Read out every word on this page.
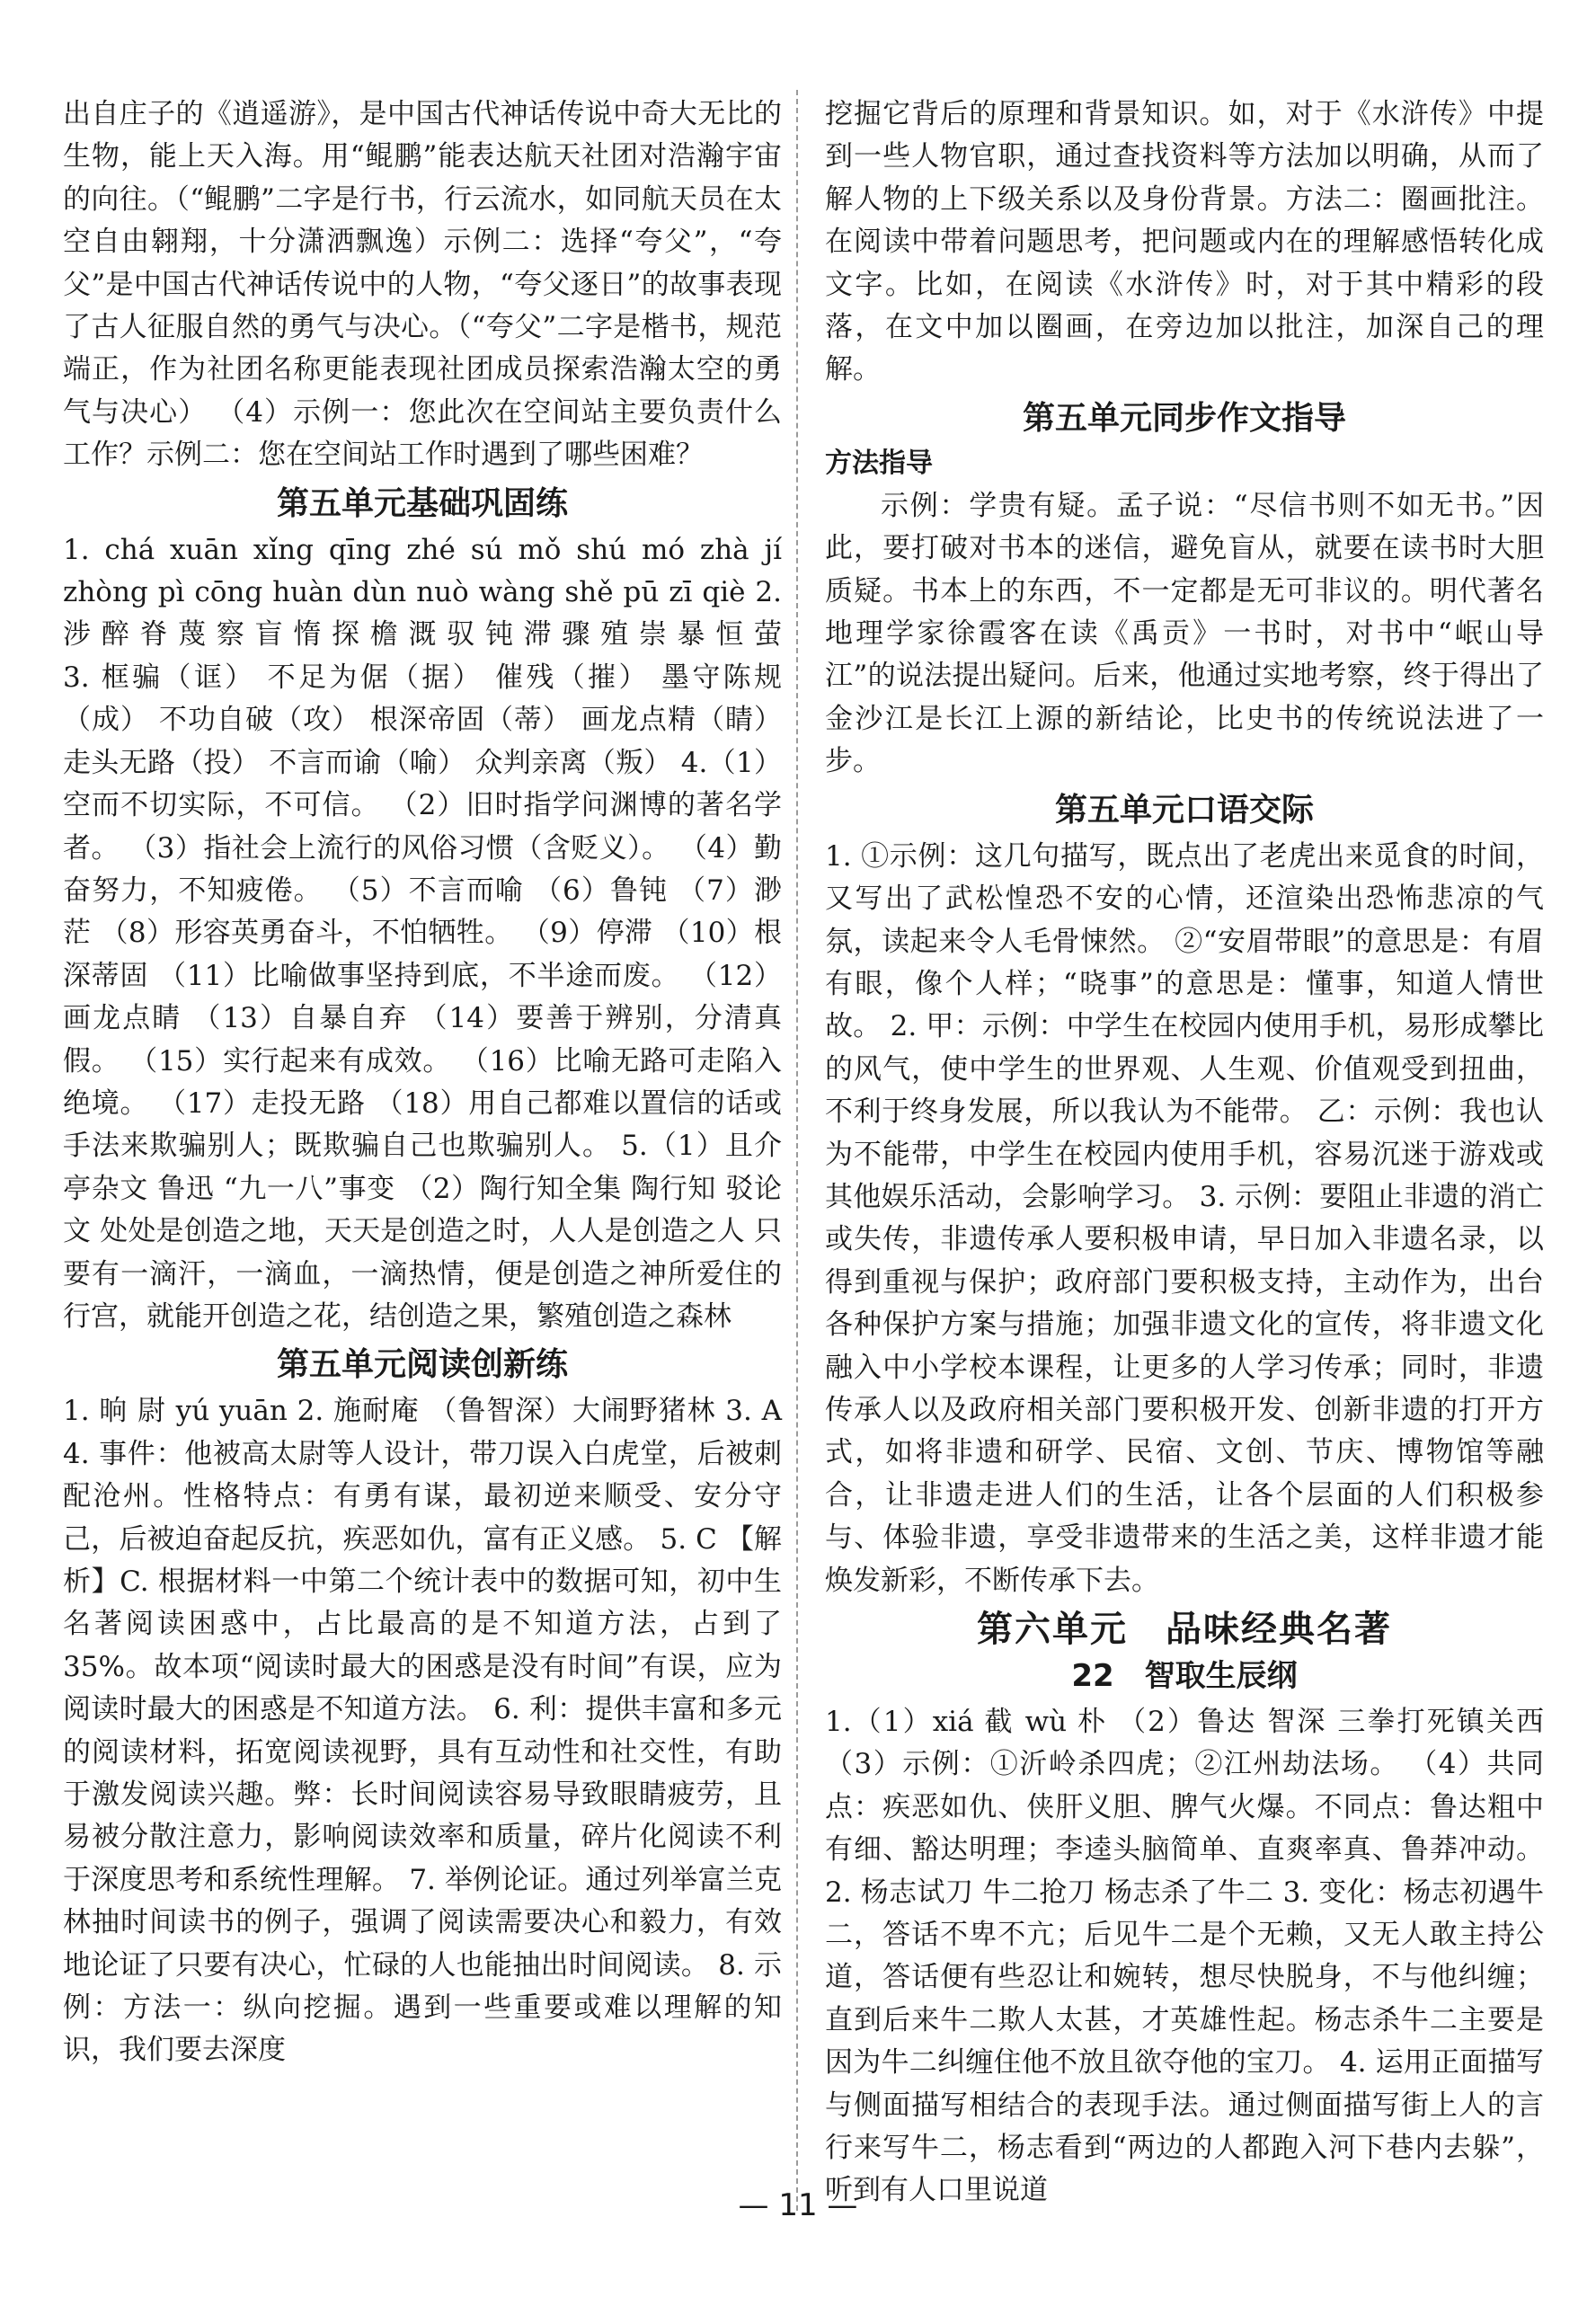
出自庄子的《逍遥游》，是中国古代神话传说中奇大无比的生物，能上天入海。用“鲲鹏”能表达航天社团对浩瀚宇宙的向往。（“鲲鹏”二字是行书，行云流水，如同航天员在太空自由翱翔，十分潇洒飘逸）示例二：选择“夸父”，“夸父”是中国古代神话传说中的人物，“夸父逐日”的故事表现了古人征服自然的勇气与决心。（“夸父”二字是楷书，规范端正，作为社团名称更能表现社团成员探索浩瀚太空的勇气与决心） （4）示例一：您此次在空间站主要负责什么工作？示例二：您在空间站工作时遇到了哪些困难？

第五单元基础巩固练

1. chá xuān xǐng qīng zhé sú mǒ shú mó zhà jí zhòng pì cōng huàn dùn nuò wàng shě pū zī qiè 2. 涉 醉 脊 蔑 察 盲 惰 探 檐 溉 驭 钝 滞 骤 殖 崇 暴 恒 萤 3. 框骗（诓） 不足为倨（据） 催残（摧） 墨守陈规（成） 不功自破（攻） 根深帝固（蒂） 画龙点精（睛） 走头无路（投） 不言而谕（喻） 众判亲离（叛） 4.（1）空而不切实际，不可信。 （2）旧时指学问渊博的著名学者。 （3）指社会上流行的风俗习惯（含贬义）。 （4）勤奋努力，不知疲倦。 （5）不言而喻 （6）鲁钝 （7）渺茫 （8）形容英勇奋斗，不怕牺牲。 （9）停滞 （10）根深蒂固 （11）比喻做事坚持到底，不半途而废。 （12）画龙点睛 （13）自暴自弃 （14）要善于辨别，分清真假。 （15）实行起来有成效。 （16）比喻无路可走陷入绝境。 （17）走投无路 （18）用自己都难以置信的话或手法来欺骗别人；既欺骗自己也欺骗别人。 5.（1）且介亭杂文 鲁迅 “九一八”事变 （2）陶行知全集 陶行知 驳论文 处处是创造之地，天天是创造之时，人人是创造之人 只要有一滴汗，一滴血，一滴热情，便是创造之神所爱住的行宫，就能开创造之花，结创造之果，繁殖创造之森林

第五单元阅读创新练

1. 晌 尉 yú yuān 2. 施耐庵 （鲁智深）大闹野猪林 3. A 4. 事件：他被高太尉等人设计，带刀误入白虎堂，后被刺配沧州。性格特点：有勇有谋，最初逆来顺受、安分守己，后被迫奋起反抗，疾恶如仇，富有正义感。 5. C 【解析】C. 根据材料一中第二个统计表中的数据可知，初中生名著阅读困惑中，占比最高的是不知道方法，占到了35%。故本项“阅读时最大的困惑是没有时间”有误，应为阅读时最大的困惑是不知道方法。 6. 利：提供丰富和多元的阅读材料，拓宽阅读视野，具有互动性和社交性，有助于激发阅读兴趣。弊：长时间阅读容易导致眼睛疲劳，且易被分散注意力，影响阅读效率和质量，碎片化阅读不利于深度思考和系统性理解。 7. 举例论证。通过列举富兰克林抽时间读书的例子，强调了阅读需要决心和毅力，有效地论证了只要有决心，忙碌的人也能抽出时间阅读。 8. 示例：方法一：纵向挖掘。遇到一些重要或难以理解的知识，我们要去深度

挖掘它背后的原理和背景知识。如，对于《水浒传》中提到一些人物官职，通过查找资料等方法加以明确，从而了解人物的上下级关系以及身份背景。方法二：圈画批注。在阅读中带着问题思考，把问题或内在的理解感悟转化成文字。比如，在阅读《水浒传》时，对于其中精彩的段落，在文中加以圈画，在旁边加以批注，加深自己的理解。

第五单元同步作文指导
方法指导

示例：学贵有疑。孟子说：“尽信书则不如无书。”因此，要打破对书本的迷信，避免盲从，就要在读书时大胆质疑。书本上的东西，不一定都是无可非议的。明代著名地理学家徐霞客在读《禹贡》一书时，对书中“岷山导江”的说法提出疑问。后来，他通过实地考察，终于得出了金沙江是长江上源的新结论，比史书的传统说法进了一步。

第五单元口语交际

1. ①示例：这几句描写，既点出了老虎出来觅食的时间，又写出了武松惶恐不安的心情，还渲染出恐怖悲凉的气氛，读起来令人毛骨悚然。 ②“安眉带眼”的意思是：有眉有眼，像个人样；“晓事”的意思是：懂事，知道人情世故。 2. 甲：示例：中学生在校园内使用手机，易形成攀比的风气，使中学生的世界观、人生观、价值观受到扭曲，不利于终身发展，所以我认为不能带。 乙：示例：我也认为不能带，中学生在校园内使用手机，容易沉迷于游戏或其他娱乐活动，会影响学习。 3. 示例：要阻止非遗的消亡或失传，非遗传承人要积极申请，早日加入非遗名录，以得到重视与保护；政府部门要积极支持，主动作为，出台各种保护方案与措施；加强非遗文化的宣传，将非遗文化融入中小学校本课程，让更多的人学习传承；同时，非遗传承人以及政府相关部门要积极开发、创新非遗的打开方式，如将非遗和研学、民宿、文创、节庆、博物馆等融合，让非遗走进人们的生活，让各个层面的人们积极参与、体验非遗，享受非遗带来的生活之美，这样非遗才能焕发新彩，不断传承下去。

第六单元　品味经典名著
22　智取生辰纲

1.（1）xiá 截 wù 朴 （2）鲁达 智深 三拳打死镇关西 （3）示例：①沂岭杀四虎；②江州劫法场。 （4）共同点：疾恶如仇、侠肝义胆、脾气火爆。不同点：鲁达粗中有细、豁达明理；李逵头脑简单、直爽率真、鲁莽冲动。 2. 杨志试刀 牛二抢刀 杨志杀了牛二 3. 变化：杨志初遇牛二，答话不卑不亢；后见牛二是个无赖，又无人敢主持公道，答话便有些忍让和婉转，想尽快脱身，不与他纠缠；直到后来牛二欺人太甚，才英雄性起。杨志杀牛二主要是因为牛二纠缠住他不放且欲夺他的宝刀。 4. 运用正面描写与侧面描写相结合的表现手法。通过侧面描写街上人的言行来写牛二，杨志看到“两边的人都跑入河下巷内去躲”，听到有人口里说道

— 11 —
